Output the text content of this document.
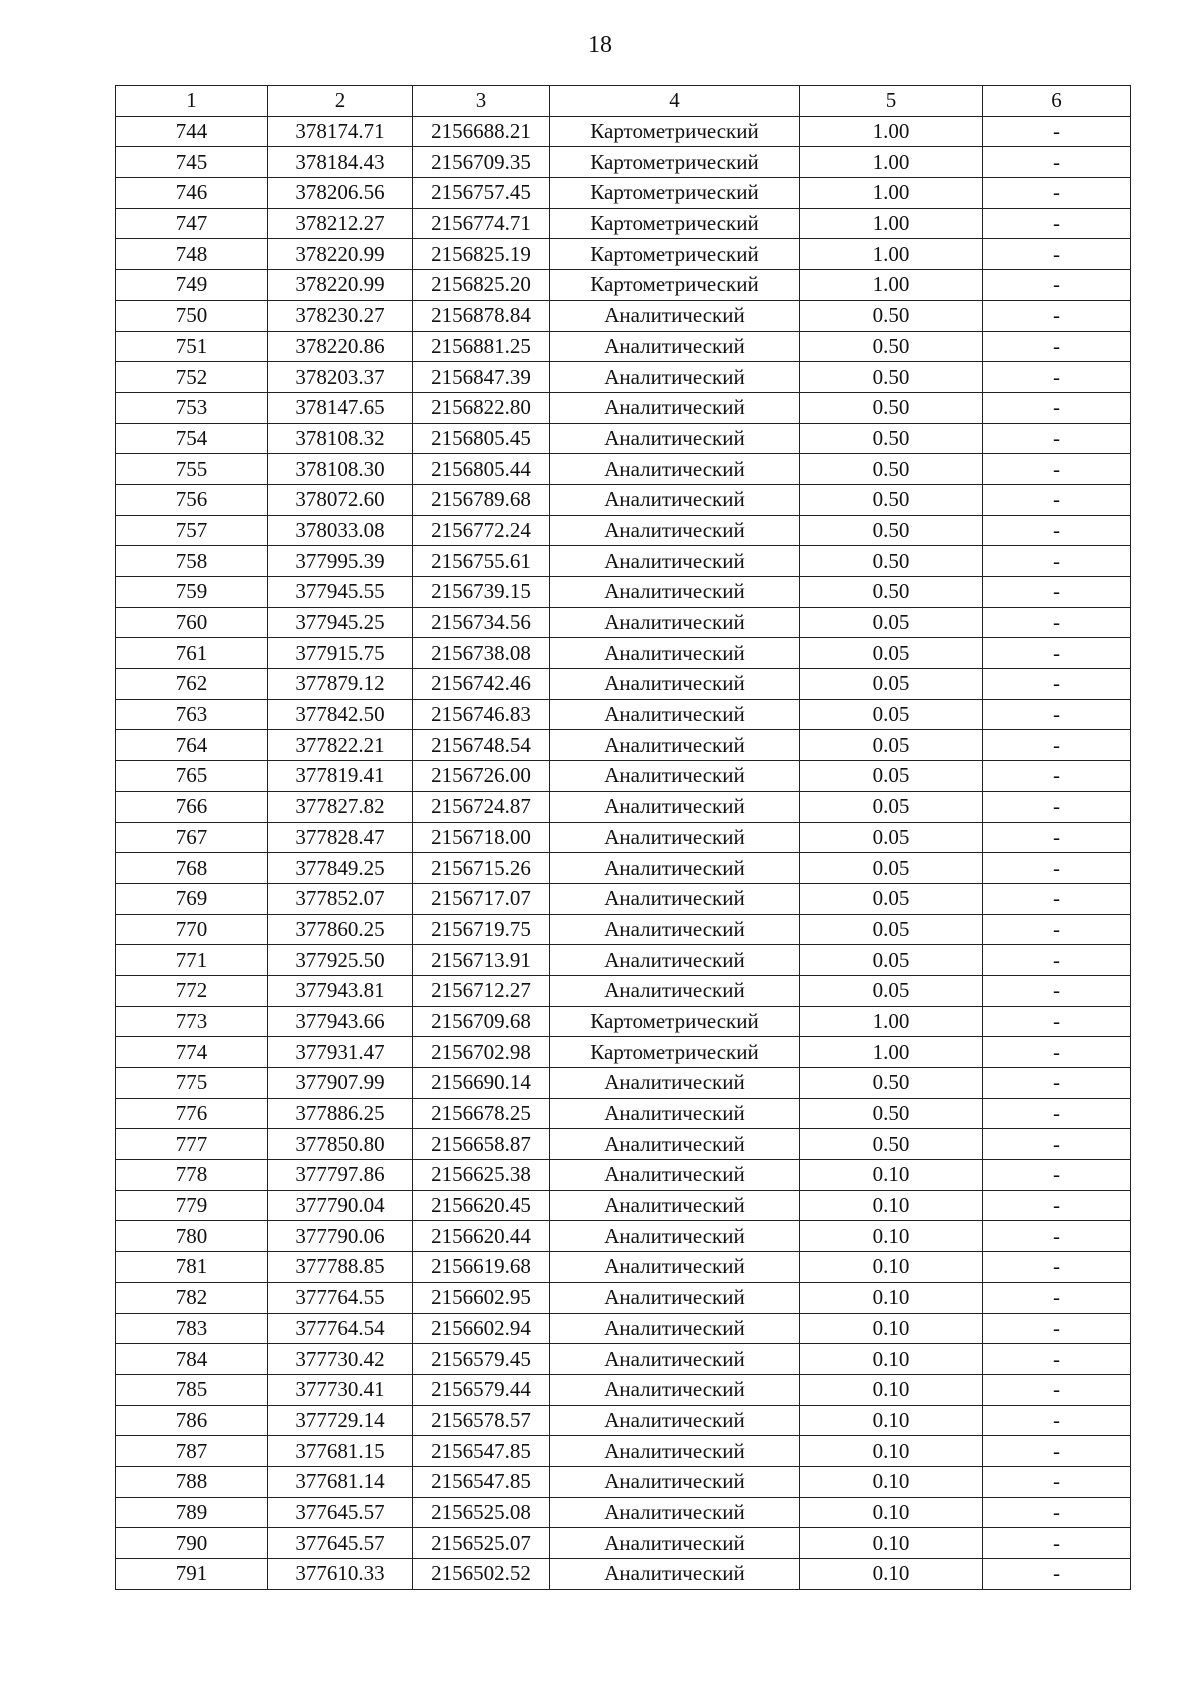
18
1	2	3	4	5	6
744	378174.71	2156688.21	Картометрический	1.00	-
745	378184.43	2156709.35	Картометрический	1.00	-
746	378206.56	2156757.45	Картометрический	1.00	-
747	378212.27	2156774.71	Картометрический	1.00	-
748	378220.99	2156825.19	Картометрический	1.00	-
749	378220.99	2156825.20	Картометрический	1.00	-
750	378230.27	2156878.84	Аналитический	0.50	-
751	378220.86	2156881.25	Аналитический	0.50	-
752	378203.37	2156847.39	Аналитический	0.50	-
753	378147.65	2156822.80	Аналитический	0.50	-
754	378108.32	2156805.45	Аналитический	0.50	-
755	378108.30	2156805.44	Аналитический	0.50	-
756	378072.60	2156789.68	Аналитический	0.50	-
757	378033.08	2156772.24	Аналитический	0.50	-
758	377995.39	2156755.61	Аналитический	0.50	-
759	377945.55	2156739.15	Аналитический	0.50	-
760	377945.25	2156734.56	Аналитический	0.05	-
761	377915.75	2156738.08	Аналитический	0.05	-
762	377879.12	2156742.46	Аналитический	0.05	-
763	377842.50	2156746.83	Аналитический	0.05	-
764	377822.21	2156748.54	Аналитический	0.05	-
765	377819.41	2156726.00	Аналитический	0.05	-
766	377827.82	2156724.87	Аналитический	0.05	-
767	377828.47	2156718.00	Аналитический	0.05	-
768	377849.25	2156715.26	Аналитический	0.05	-
769	377852.07	2156717.07	Аналитический	0.05	-
770	377860.25	2156719.75	Аналитический	0.05	-
771	377925.50	2156713.91	Аналитический	0.05	-
772	377943.81	2156712.27	Аналитический	0.05	-
773	377943.66	2156709.68	Картометрический	1.00	-
774	377931.47	2156702.98	Картометрический	1.00	-
775	377907.99	2156690.14	Аналитический	0.50	-
776	377886.25	2156678.25	Аналитический	0.50	-
777	377850.80	2156658.87	Аналитический	0.50	-
778	377797.86	2156625.38	Аналитический	0.10	-
779	377790.04	2156620.45	Аналитический	0.10	-
780	377790.06	2156620.44	Аналитический	0.10	-
781	377788.85	2156619.68	Аналитический	0.10	-
782	377764.55	2156602.95	Аналитический	0.10	-
783	377764.54	2156602.94	Аналитический	0.10	-
784	377730.42	2156579.45	Аналитический	0.10	-
785	377730.41	2156579.44	Аналитический	0.10	-
786	377729.14	2156578.57	Аналитический	0.10	-
787	377681.15	2156547.85	Аналитический	0.10	-
788	377681.14	2156547.85	Аналитический	0.10	-
789	377645.57	2156525.08	Аналитический	0.10	-
790	377645.57	2156525.07	Аналитический	0.10	-
791	377610.33	2156502.52	Аналитический	0.10	-
